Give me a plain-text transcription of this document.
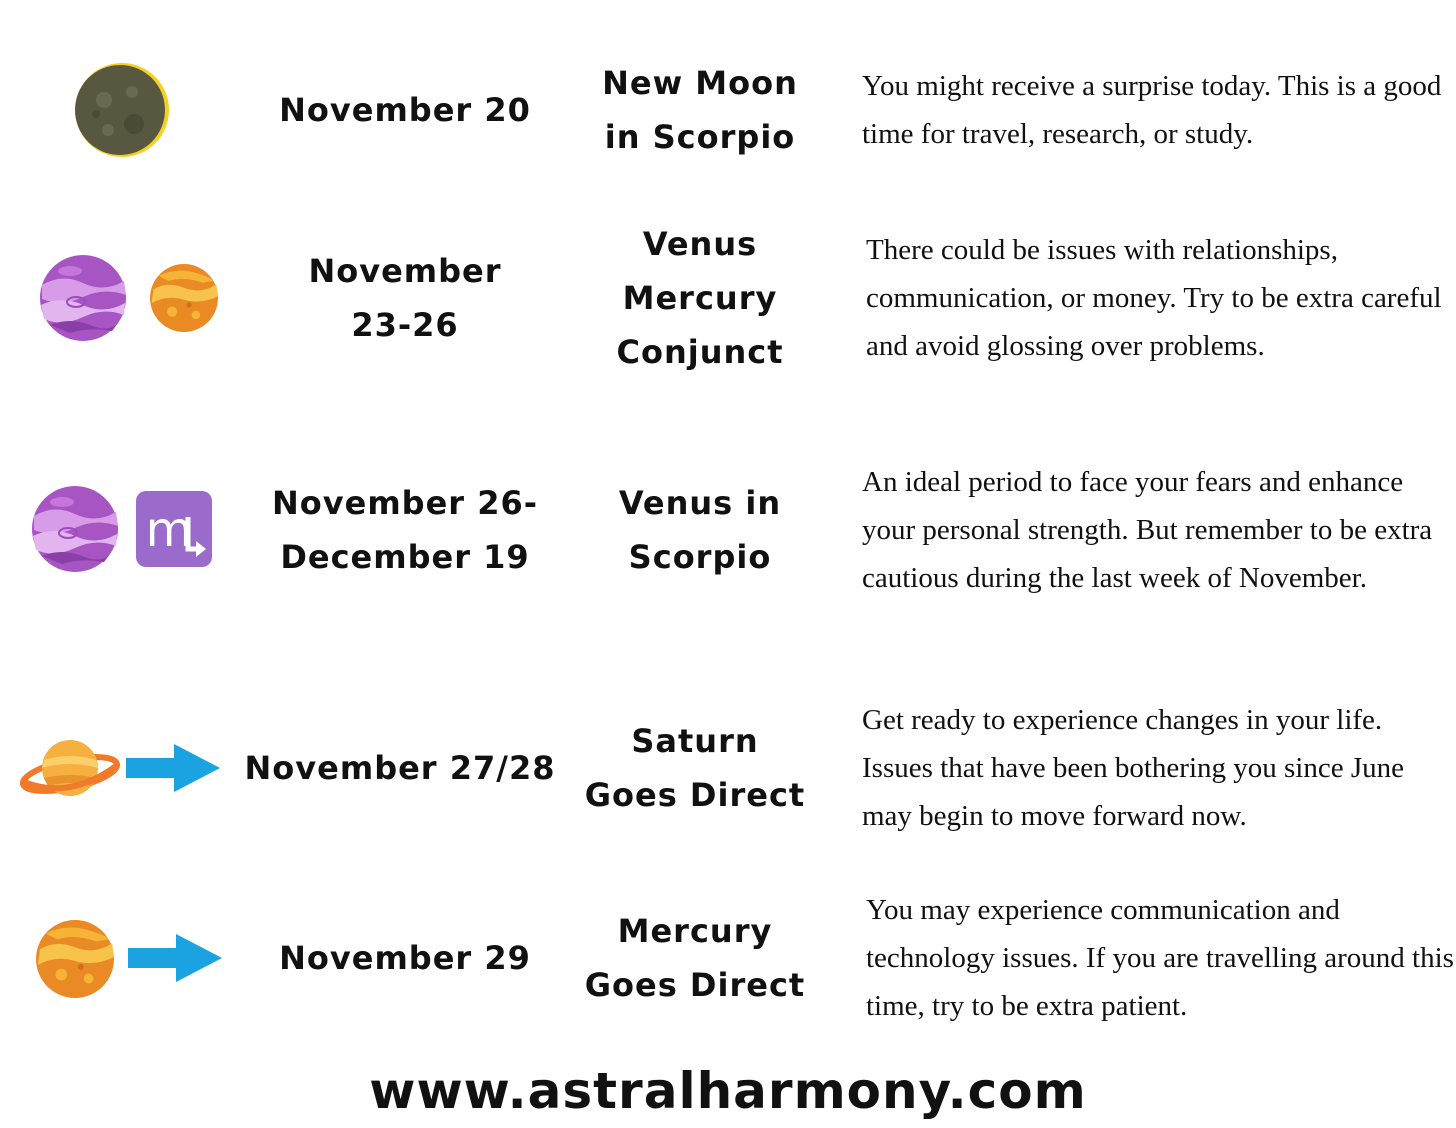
November 20
New Moon
in Scorpio
You might receive a surprise today. This is a good time for travel, research, or study.
November
23-26
Venus
Mercury
Conjunct
There could be issues with relationships, communication, or money. Try to be extra careful and avoid glossing over problems.
m	November 26-
December 19
Venus in
Scorpio
An ideal period to face your fears and enhance your personal strength. But remember to be extra cautious during the last week of November.
November 27/28
Saturn
Goes Direct
Get ready to experience changes in your life. Issues that have been bothering you since June may begin to move forward now.
November 29
Mercury
Goes Direct
You may experience communication and technology issues. If you are travelling around this time, try to be extra patient.
www.astralharmony.com
